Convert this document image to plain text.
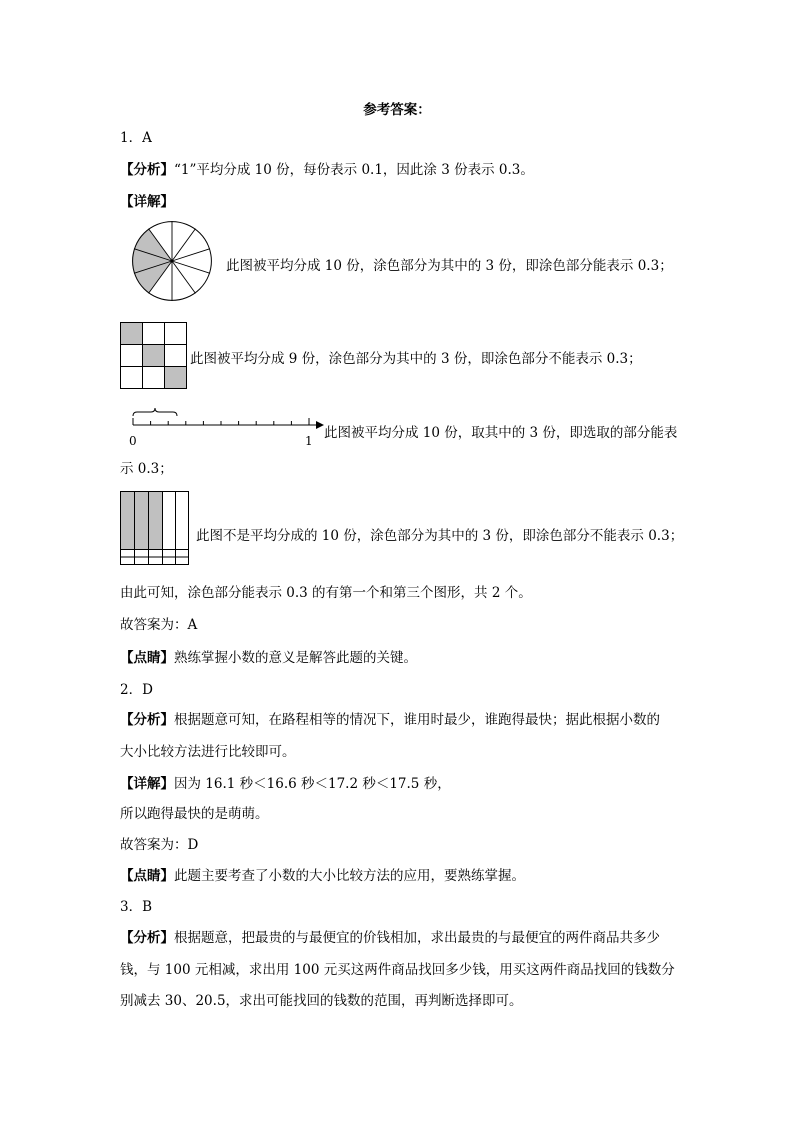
参考答案：
1．A
【分析】“1”平均分成 10 份，每份表示 0.1，因此涂 3 份表示 0.3。
【详解】
此图被平均分成 10 份，涂色部分为其中的 3 份，即涂色部分能表示 0.3；
此图被平均分成 9 份，涂色部分为其中的 3 份，即涂色部分不能表示 0.3；
0	1 此图被平均分成 10 份，取其中的 3 份，即选取的部分能表
示 0.3；
此图不是平均分成的 10 份，涂色部分为其中的 3 份，即涂色部分不能表示 0.3；
由此可知，涂色部分能表示 0.3 的有第一个和第三个图形，共 2 个。
故答案为：A
【点睛】熟练掌握小数的意义是解答此题的关键。
2．D
【分析】根据题意可知，在路程相等的情况下，谁用时最少，谁跑得最快；据此根据小数的
大小比较方法进行比较即可。
【详解】因为 16.1 秒＜16.6 秒＜17.2 秒＜17.5 秒，
所以跑得最快的是萌萌。
故答案为：D
【点睛】此题主要考查了小数的大小比较方法的应用，要熟练掌握。
3．B
【分析】根据题意，把最贵的与最便宜的价钱相加，求出最贵的与最便宜的两件商品共多少
钱，与 100 元相减，求出用 100 元买这两件商品找回多少钱，用买这两件商品找回的钱数分
别减去 30、20.5，求出可能找回的钱数的范围，再判断选择即可。
